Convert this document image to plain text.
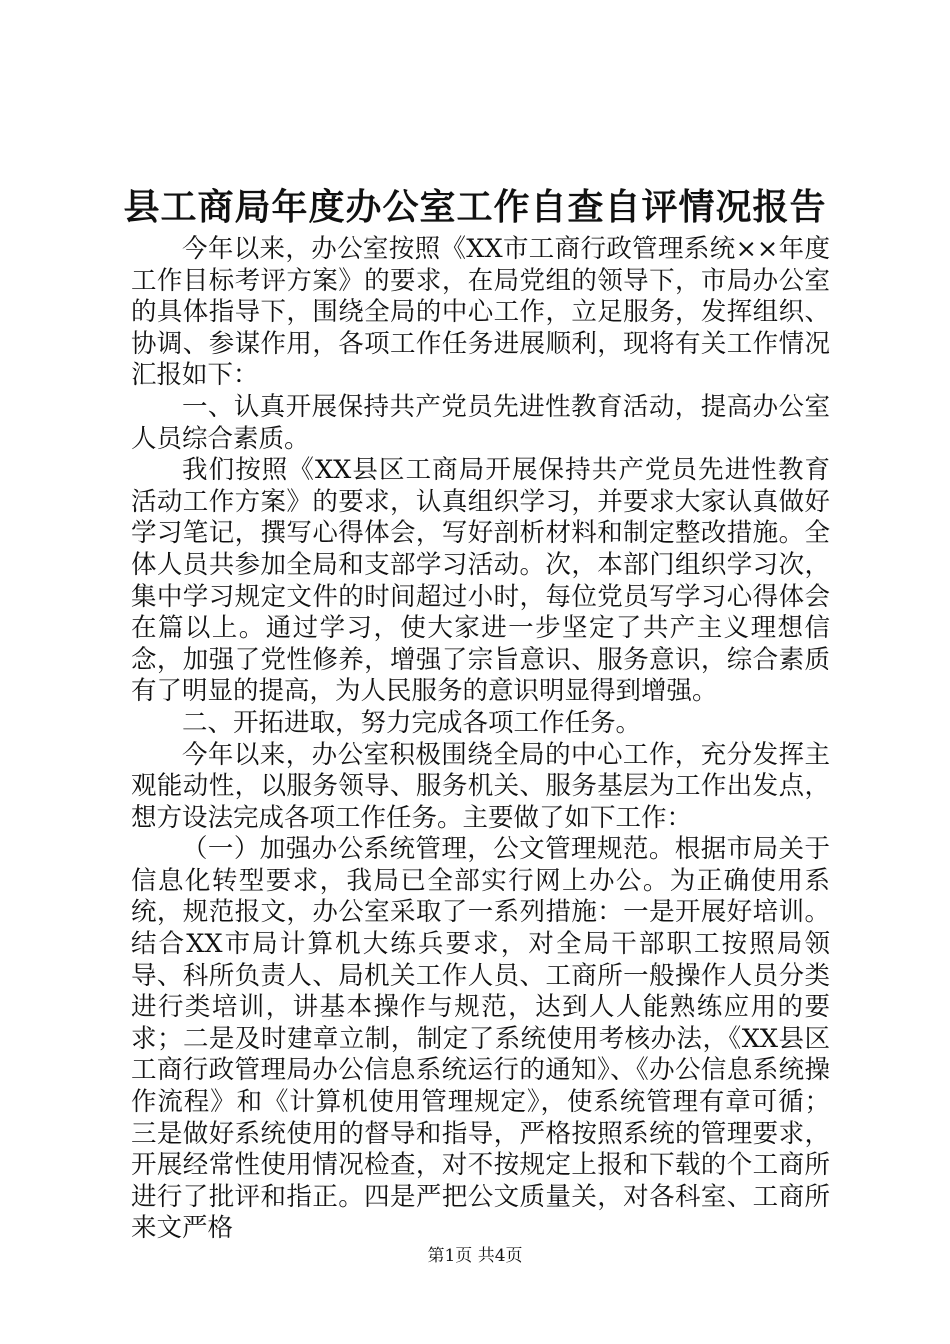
县工商局年度办公室工作自查自评情况报告

今年以来，办公室按照《XX市工商行政管理系统××年度工作目标考评方案》的要求，在局党组的领导下，市局办公室的具体指导下，围绕全局的中心工作，立足服务，发挥组织、协调、参谋作用，各项工作任务进展顺利，现将有关工作情况汇报如下：

一、认真开展保持共产党员先进性教育活动，提高办公室人员综合素质。

我们按照《XX县区工商局开展保持共产党员先进性教育活动工作方案》的要求，认真组织学习，并要求大家认真做好学习笔记，撰写心得体会，写好剖析材料和制定整改措施。全体人员共参加全局和支部学习活动。次，本部门组织学习次，集中学习规定文件的时间超过小时，每位党员写学习心得体会在篇以上。通过学习，使大家进一步坚定了共产主义理想信念，加强了党性修养，增强了宗旨意识、服务意识，综合素质有了明显的提高，为人民服务的意识明显得到增强。

二、开拓进取，努力完成各项工作任务。

今年以来，办公室积极围绕全局的中心工作，充分发挥主观能动性，以服务领导、服务机关、服务基层为工作出发点，想方设法完成各项工作任务。主要做了如下工作：

（一）加强办公系统管理，公文管理规范。根据市局关于信息化转型要求，我局已全部实行网上办公。为正确使用系统，规范报文，办公室采取了一系列措施：一是开展好培训。结合XX市局计算机大练兵要求，对全局干部职工按照局领导、科所负责人、局机关工作人员、工商所一般操作人员分类进行类培训，讲基本操作与规范，达到人人能熟练应用的要求；二是及时建章立制，制定了系统使用考核办法，《XX县区工商行政管理局办公信息系统运行的通知》、《办公信息系统操作流程》和《计算机使用管理规定》，使系统管理有章可循；三是做好系统使用的督导和指导，严格按照系统的管理要求，开展经常性使用情况检查，对不按规定上报和下载的个工商所进行了批评和指正。四是严把公文质量关，对各科室、工商所来文严格

第1页 共4页
